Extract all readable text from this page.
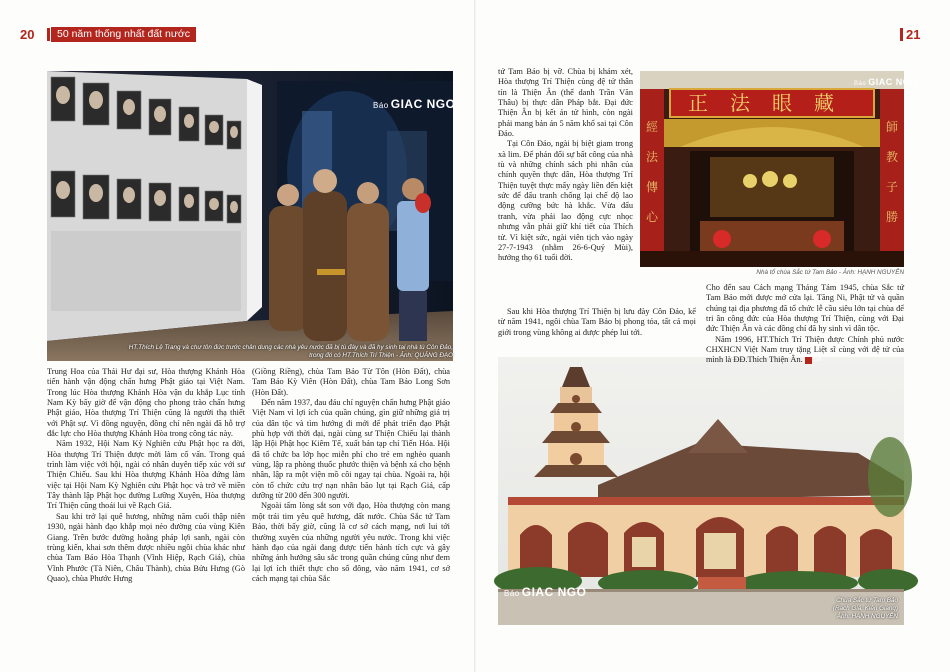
20	50 năm thống nhất đất nước	21
Báo GIAC NGO
HT.Thích Lệ Trang và chư tôn đức trước chân dung các nhà yêu nước đã bị tù đày và đã hy sinh tại nhà tù Côn Đảo,
trong đó có HT.Thích Trí Thiện - Ảnh: QUẢNG ĐẠO
經
法
傳
心
師
教
子
勝
正法眼藏
Báo GIAC NGO
Nhà tổ chùa Sắc tứ Tam Bảo - Ảnh: HẠNH NGUYÊN
Báo GIAC NGO
Chùa Sắc tứ Tam Bảo
(Rạch Giá, Kiên Giang)
Ảnh: HẠNH NGUYÊN

Trung Hoa của Thái Hư đại sư, Hòa thượng Khánh Hòa tiến hành vận động chấn hưng Phật giáo tại Việt Nam. Trong lúc Hòa thượng Khánh Hòa vận du khắp Lục tỉnh Nam Kỳ bấy giờ để vận động cho phong trào chấn hưng Phật giáo, Hòa thượng Trí Thiện cũng là người thạ thiết với Phật sự. Vì đồng nguyện, đồng chí nên ngài đã hỗ trợ đắc lực cho Hòa thượng Khánh Hòa trong công tác này.

Năm 1932, Hội Nam Kỳ Nghiên cứu Phật học ra đời, Hòa thượng Trí Thiện được mời làm cố vấn. Trong quá trình làm việc với hội, ngài có nhân duyên tiếp xúc với sư Thiện Chiếu. Sau khi Hòa thượng Khánh Hòa đứng làm việc tại Hội Nam Kỳ Nghiên cứu Phật học và trở về miền Tây thành lập Phật học đường Lưỡng Xuyên, Hòa thượng Trí Thiện cũng thoái lui về Rạch Giá.

Sau khi trở lại quê hương, những năm cuối thập niên 1930, ngài hành đạo khắp mọi nẻo đường của vùng Kiên Giang. Trên bước đường hoằng pháp lợi sanh, ngài còn trùng kiến, khai sơn thêm được nhiều ngôi chùa khác như chùa Tam Bảo Hòa Thạnh (Vĩnh Hiệp, Rạch Giá), chùa Vĩnh Phước (Tà Niên, Châu Thành), chùa Bửu Hưng (Gò Quao), chùa Phước Hưng

(Giồng Riềng), chùa Tam Bảo Từ Tôn (Hòn Đất), chùa Tam Bảo Kỳ Viên (Hòn Đất), chùa Tam Bảo Long Sơn (Hòn Đất).

Đến năm 1937, đau đáu chí nguyện chấn hưng Phật giáo Việt Nam vì lợi ích của quần chúng, gìn giữ những giá trị của dân tộc và tìm hướng đi mới để phát triển đạo Phật phù hợp với thời đại, ngài cùng sư Thiện Chiếu lại thành lập Hội Phật học Kiêm Tế, xuất bản tạp chí Tiến Hóa. Hội đã tổ chức ba lớp học miễn phí cho trẻ em nghèo quanh vùng, lập ra phòng thuốc phước thiện và bệnh xá cho bệnh nhân, lập ra một viện mồ côi ngay tại chùa. Ngoài ra, hội còn tổ chức cứu trợ nạn nhân bão lụt tại Rạch Giá, cấp dưỡng từ 200 đến 300 người.

Ngoài tấm lòng sắt son với đạo, Hòa thượng còn mang một trái tim yêu quê hương, đất nước. Chùa Sắc tứ Tam Bảo, thời bấy giờ, cũng là cơ sở cách mạng, nơi lui tới thường xuyên của những người yêu nước. Trong khi việc hành đạo của ngài đang được tiến hành tích cực và gây những ảnh hưởng sâu sắc trong quần chúng cũng như đem lại lợi ích thiết thực cho số đông, vào năm 1941, cơ sở cách mạng tại chùa Sắc

tứ Tam Bảo bị vỡ. Chùa bị khám xét, Hòa thượng Trí Thiện cùng đệ tử thân tín là Thiện Ân (thế danh Trần Văn Thâu) bị thực dân Pháp bắt. Đại đức Thiện Ân bị kết án tử hình, còn ngài phải mang bản án 5 năm khổ sai tại Côn Đảo.

Tại Côn Đảo, ngài bị biệt giam trong xà lim. Để phản đối sự bất công của nhà tù và những chính sách phi nhân của chính quyền thực dân, Hòa thượng Trí Thiện tuyệt thực mấy ngày liền đến kiệt sức để đấu tranh chống lại chế độ lao động cưỡng bức hà khắc. Vừa đấu tranh, vừa phải lao động cực nhọc nhưng vẫn phải giữ khí tiết của Thích tử. Vì kiệt sức, ngài viên tịch vào ngày 27-7-1943 (nhằm 26-6-Quý Mùi), hưởng thọ 61 tuổi đời.

Sau khi Hòa thượng Trí Thiện bị lưu đày Côn Đảo, kể từ năm 1941, ngôi chùa Tam Bảo bị phong tỏa, tất cả mọi giới trong vùng không ai được phép lui tới.

Cho đến sau Cách mạng Tháng Tám 1945, chùa Sắc tứ Tam Bảo mới được mở cửa lại. Tăng Ni, Phật tử và quần chúng tại địa phương đã tổ chức lễ cầu siêu lớn tại chùa để tri ân công đức của Hòa thượng Trí Thiện, cùng với Đại đức Thiện Ân và các đồng chí đã hy sinh vì dân tộc.

Năm 1996, HT.Thích Trí Thiện được Chính phủ nước CHXHCN Việt Nam truy tặng Liệt sĩ cùng với đệ tử của mình là ĐĐ.Thích Thiện Ân. GN
